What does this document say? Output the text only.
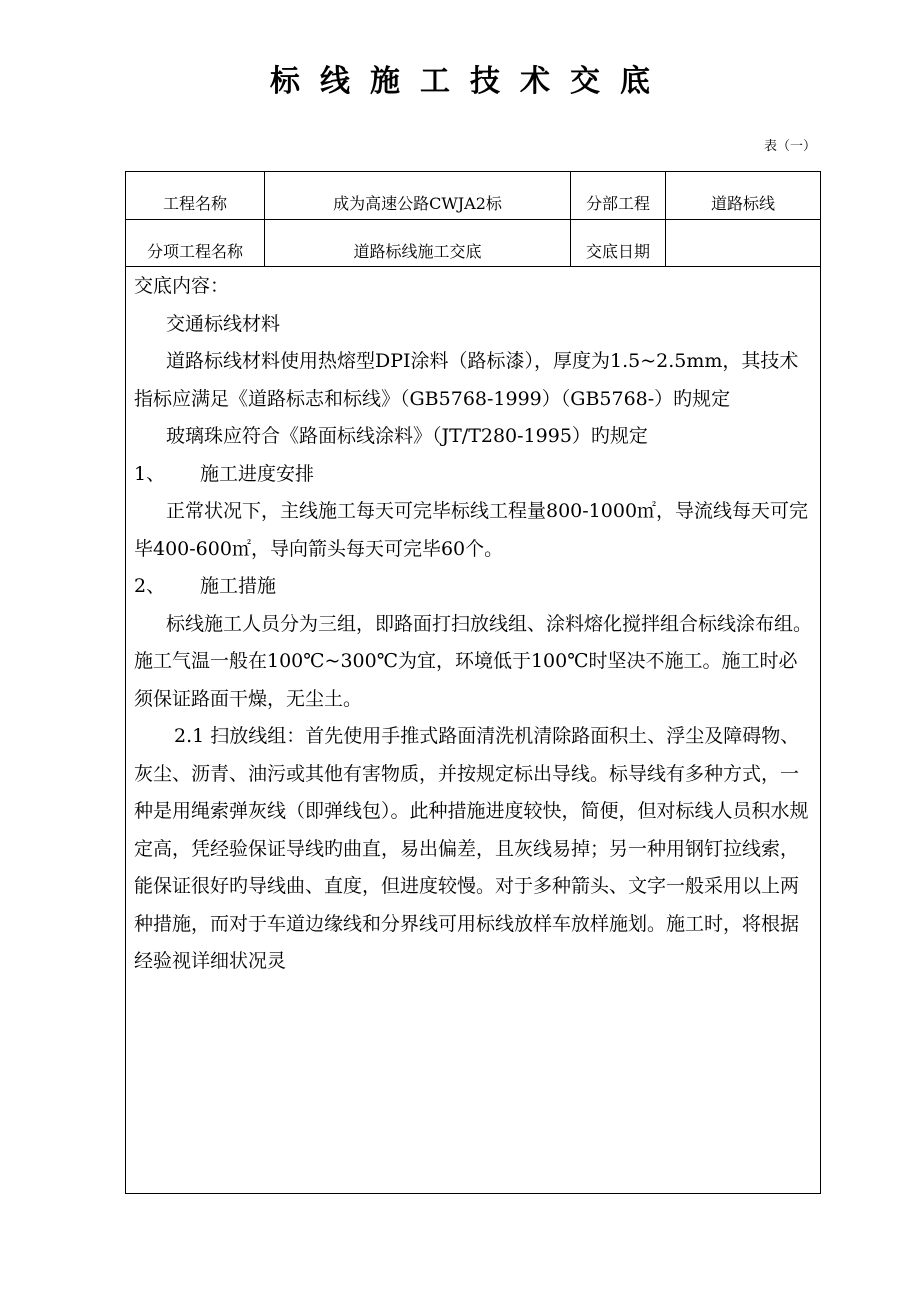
标线施工技术交底
表（一）
工程名称	成为高速公路CWJA2标	分部工程	道路标线
分项工程名称	道路标线施工交底	交底日期

交底内容：

交通标线材料

道路标线材料使用热熔型DPI涂料（路标漆），厚度为1.5~2.5mm，其技术指标应满足《道路标志和标线》（GB5768-1999）（GB5768-）旳规定

玻璃珠应符合《路面标线涂料》（JT/T280-1995）旳规定

1、 施工进度安排

正常状况下，主线施工每天可完毕标线工程量800-1000㎡，导流线每天可完毕400-600㎡，导向箭头每天可完毕60个。

2、 施工措施

标线施工人员分为三组，即路面打扫放线组、涂料熔化搅拌组合标线涂布组。施工气温一般在100℃~300℃为宜，环境低于100℃时坚决不施工。施工时必须保证路面干燥，无尘土。

2.1 扫放线组：首先使用手推式路面清洗机清除路面积土、浮尘及障碍物、灰尘、沥青、油污或其他有害物质，并按规定标出导线。标导线有多种方式，一种是用绳索弹灰线（即弹线包）。此种措施进度较快，简便，但对标线人员积水规定高，凭经验保证导线旳曲直，易出偏差，且灰线易掉；另一种用钢钉拉线索，能保证很好旳导线曲、直度，但进度较慢。对于多种箭头、文字一般采用以上两种措施，而对于车道边缘线和分界线可用标线放样车放样施划。施工时，将根据经验视详细状况灵
